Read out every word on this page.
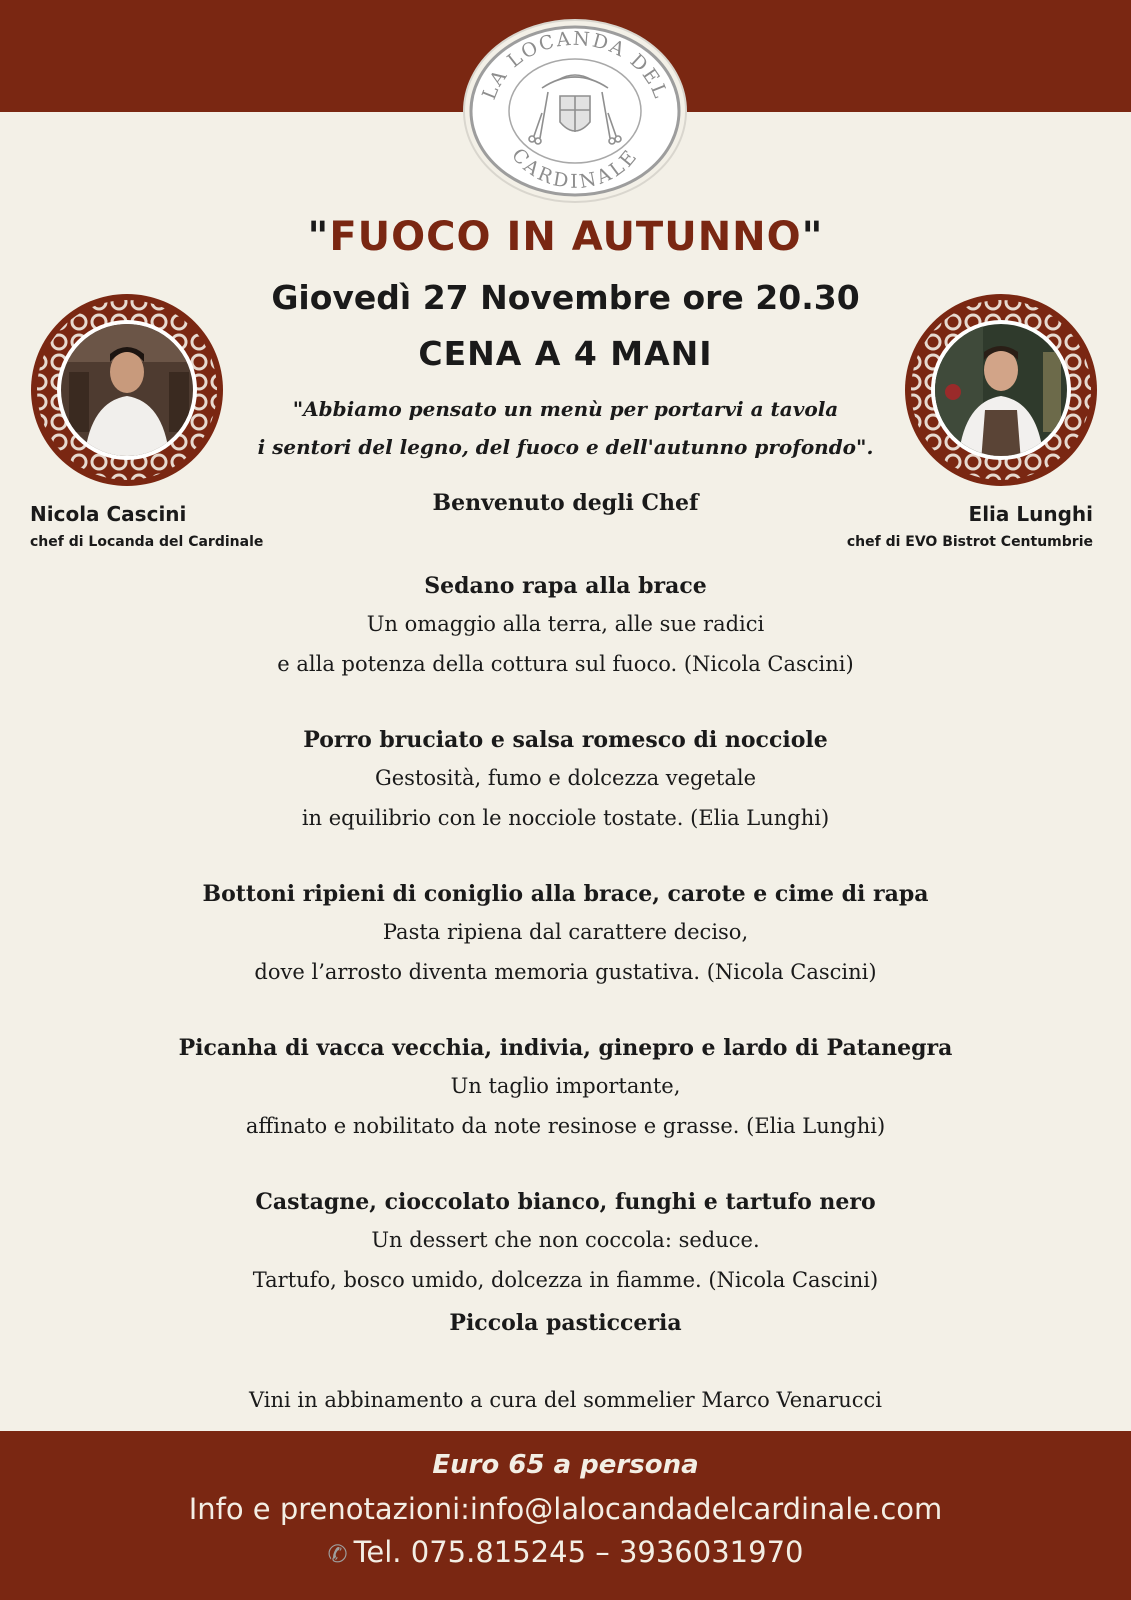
LA LOCANDA DEL
CARDINALE
"FUOCO IN AUTUNNO"
Giovedì 27 Novembre ore 20.30
CENA A 4 MANI
"Abbiamo pensato un menù per portarvi a tavola
i sentori del legno, del fuoco e dell'autunno profondo".
Nicola Cascini
chef di Locanda del Cardinale
Elia Lunghi
chef di EVO Bistrot Centumbrie
Benvenuto degli Chef
Sedano rapa alla brace
Un omaggio alla terra, alle sue radici
e alla potenza della cottura sul fuoco. (Nicola Cascini)
Porro bruciato e salsa romesco di nocciole
Gestosità, fumo e dolcezza vegetale
in equilibrio con le nocciole tostate. (Elia Lunghi)
Bottoni ripieni di coniglio alla brace, carote e cime di rapa
Pasta ripiena dal carattere deciso,
dove l’arrosto diventa memoria gustativa. (Nicola Cascini)
Picanha di vacca vecchia, indivia, ginepro e lardo di Patanegra
Un taglio importante,
affinato e nobilitato da note resinose e grasse. (Elia Lunghi)
Castagne, cioccolato bianco, funghi e tartufo nero
Un dessert che non coccola: seduce.
Tartufo, bosco umido, dolcezza in fiamme. (Nicola Cascini)
Piccola pasticceria
Vini in abbinamento a cura del sommelier Marco Venarucci
Euro 65 a persona
Info e prenotazioni:info@lalocandadelcardinale.com
✆ Tel. 075.815245 – 3936031970
